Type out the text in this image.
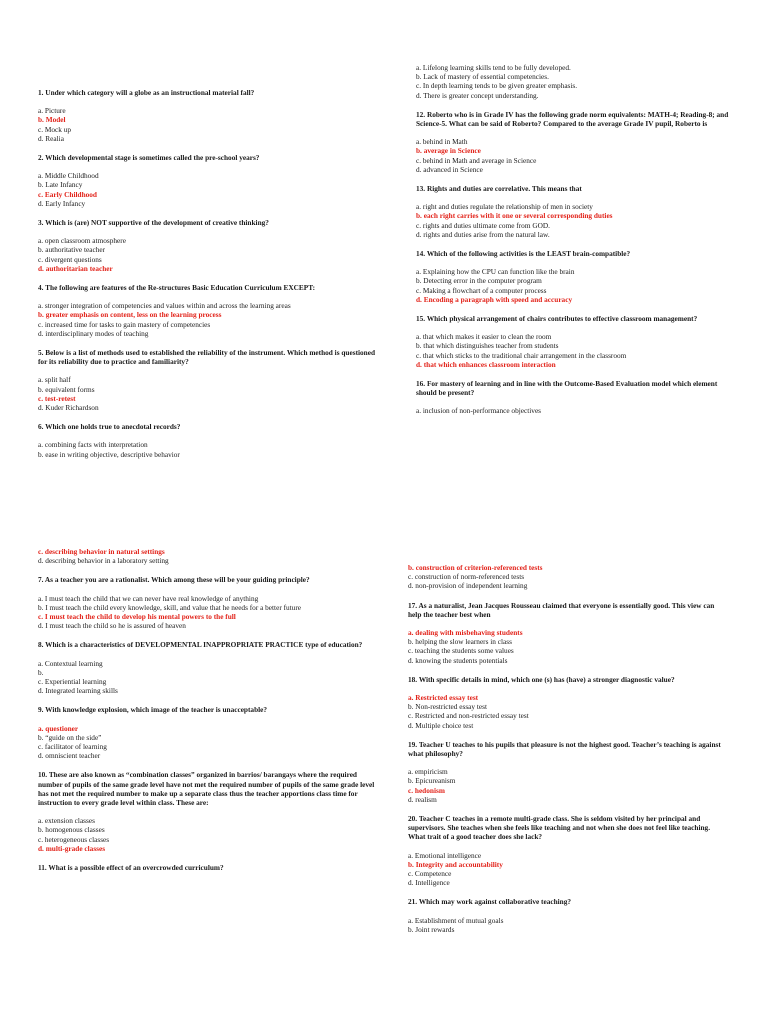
1. Under which category will a globe as an instructional material fall?
a. Picture
b. Model
c. Mock up
d. Realia
2. Which developmental stage is sometimes called the pre-school years?
a. Middle Childhood
b. Late Infancy
c. Early Childhood
d. Early Infancy
3. Which is (are) NOT supportive of the development of creative thinking?
a. open classroom atmosphere
b. authoritative teacher
c. divergent questions
d. authoritarian teacher
4. The following are features of the Re-structures Basic Education Curriculum EXCEPT:
a. stronger integration of competencies and values within and across the learning areas
b. greater emphasis on content, less on the learning process
c. increased time for tasks to gain mastery of competencies
d. interdisciplinary modes of teaching
5. Below is a list of methods used to established the reliability of the instrument. Which method is questioned for its reliability due to practice and familiarity?
a. split half
b. equivalent forms
c. test-retest
d. Kuder Richardson
6. Which one holds true to anecdotal records?
a. combining facts with interpretation
b. ease in writing objective, descriptive behavior
a. Lifelong learning skills tend to be fully developed.
b. Lack of mastery of essential competencies.
c. In depth learning tends to be given greater emphasis.
d. There is greater concept understanding.
12. Roberto who is in Grade IV has the following grade norm equivalents: MATH-4; Reading-8; and Science-5. What can be said of Roberto? Compared to the average Grade IV pupil, Roberto is
a. behind in Math
b. average in Science
c. behind in Math and average in Science
d. advanced in Science
13. Rights and duties are correlative. This means that
a. right and duties regulate the relationship of men in society
b. each right carries with it one or several corresponding duties
c. rights and duties ultimate come from GOD.
d. rights and duties arise from the natural law.
14. Which of the following activities is the LEAST brain-compatible?
a. Explaining how the CPU can function like the brain
b. Detecting error in the computer program
c. Making a flowchart of a computer process
d. Encoding a paragraph with speed and accuracy
15. Which physical arrangement of chairs contributes to effective classroom management?
a. that which makes it easier to clean the room
b. that which distinguishes teacher from students
c. that which sticks to the traditional chair arrangement in the classroom
d. that which enhances classroom interaction
16. For mastery of learning and in line with the Outcome-Based Evaluation model which element should be present?
a. inclusion of non-performance objectives
c. describing behavior in natural settings
d. describing behavior in a laboratory setting
7. As a teacher you are a rationalist. Which among these will be your guiding principle?
a. I must teach the child that we can never have real knowledge of anything
b. I must teach the child every knowledge, skill, and value that he needs for a better future
c. I must teach the child to develop his mental powers to the full
d. I must teach the child so he is assured of heaven
8. Which is a characteristics of DEVELOPMENTAL INAPPROPRIATE PRACTICE type of education?
a. Contextual learning
b.
c. Experiential learning
d. Integrated learning skills
9. With knowledge explosion, which image of the teacher is unacceptable?
a. questioner
b. “guide on the side”
c. facilitator of learning
d. omniscient teacher
10. These are also known as “combination classes” organized in barrios/ barangays where the required number of pupils of the same grade level have not met the required number of pupils of the same grade level has not met the required number to make up a separate class thus the teacher apportions class time for instruction to every grade level within class. These are:
a. extension classes
b. homogenous classes
c. heterogeneous classes
d. multi-grade classes
11. What is a possible effect of an overcrowded curriculum?
b. construction of criterion-referenced tests
c. construction of norm-referenced tests
d. non-provision of independent learning
17. As a naturalist, Jean Jacques Rousseau claimed that everyone is essentially good. This view can help the teacher best when
a. dealing with misbehaving students
b. helping the slow learners in class
c. teaching the students some values
d. knowing the students potentials
18. With specific details in mind, which one (s) has (have) a stronger diagnostic value?
a. Restricted essay test
b. Non-restricted essay test
c. Restricted and non-restricted essay test
d. Multiple choice test
19. Teacher U teaches to his pupils that pleasure is not the highest good. Teacher’s teaching is against what philosophy?
a. empiricism
b. Epicureanism
c. hedonism
d. realism
20. Teacher C teaches in a remote multi-grade class. She is seldom visited by her principal and supervisors. She teaches when she feels like teaching and not when she does not feel like teaching. What trait of a good teacher does she lack?
a. Emotional intelligence
b. Integrity and accountability
c. Competence
d. Intelligence
21. Which may work against collaborative teaching?
a. Establishment of mutual goals
b. Joint rewards
